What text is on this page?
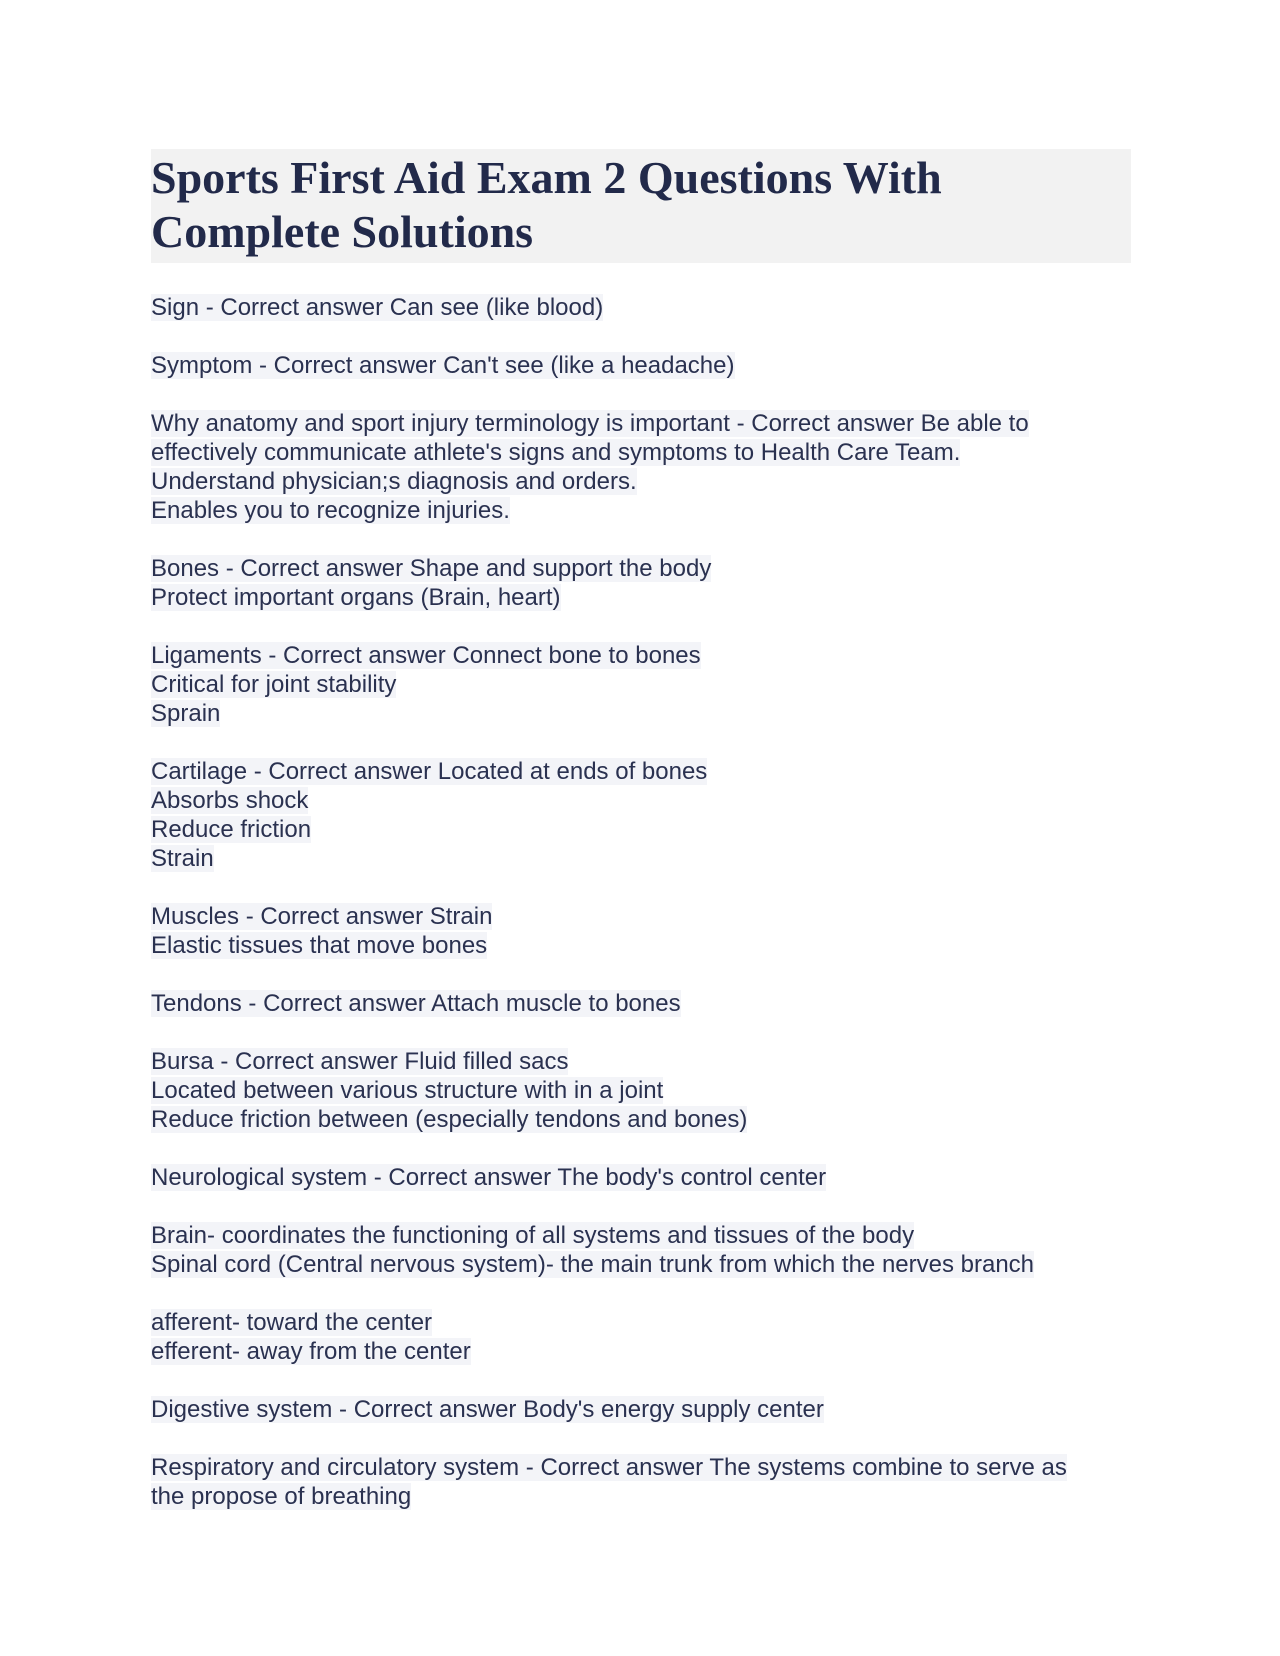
Sports First Aid Exam 2 Questions With Complete Solutions
Sign - Correct answer Can see (like blood)
Symptom - Correct answer Can't see (like a headache)
Why anatomy and sport injury terminology is important - Correct answer Be able to
effectively communicate athlete's signs and symptoms to Health Care Team.
Understand physician;s diagnosis and orders.
Enables you to recognize injuries.
Bones - Correct answer Shape and support the body
Protect important organs (Brain, heart)
Ligaments - Correct answer Connect bone to bones
Critical for joint stability
Sprain
Cartilage - Correct answer Located at ends of bones
Absorbs shock
Reduce friction
Strain
Muscles - Correct answer Strain
Elastic tissues that move bones
Tendons - Correct answer Attach muscle to bones
Bursa - Correct answer Fluid filled sacs
Located between various structure with in a joint
Reduce friction between (especially tendons and bones)
Neurological system - Correct answer The body's control center
Brain- coordinates the functioning of all systems and tissues of the body
Spinal cord (Central nervous system)- the main trunk from which the nerves branch
afferent- toward the center
efferent- away from the center
Digestive system - Correct answer Body's energy supply center
Respiratory and circulatory system - Correct answer The systems combine to serve as
the propose of breathing
